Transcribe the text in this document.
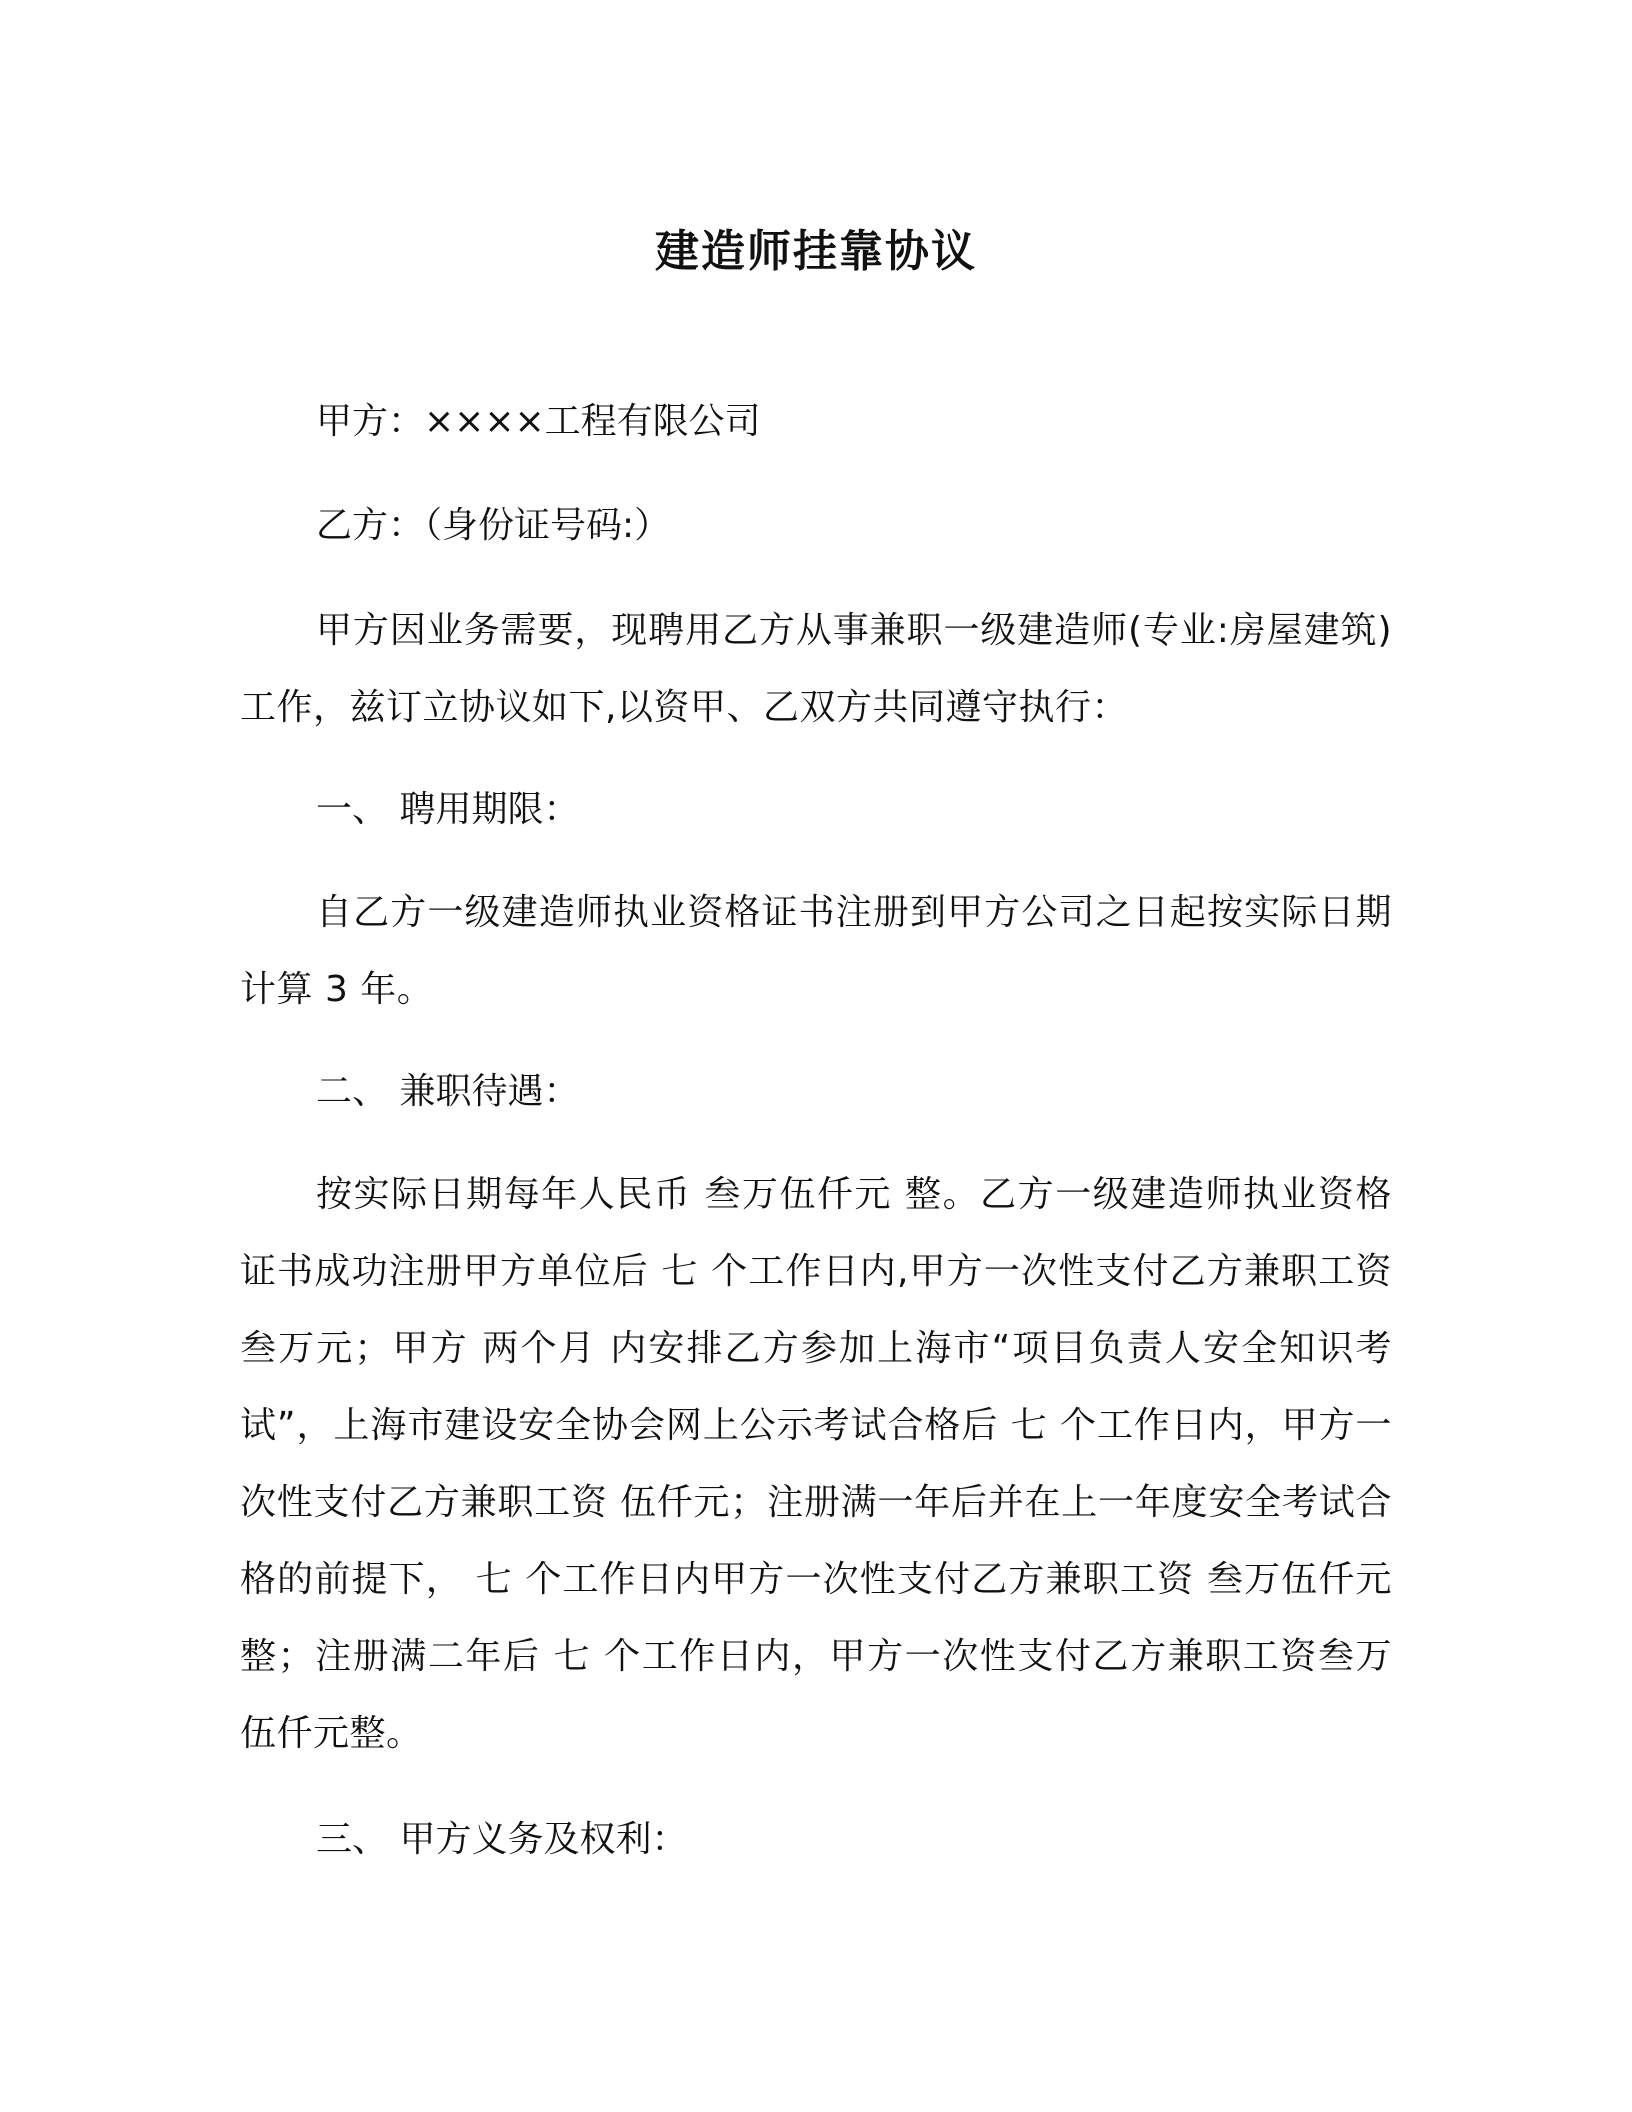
建造师挂靠协议
甲方：××××工程有限公司
乙方：（身份证号码:）
甲方因业务需要，现聘用乙方从事兼职一级建造师(专业:房屋建筑)工作，兹订立协议如下,以资甲、乙双方共同遵守执行：
一、 聘用期限：
自乙方一级建造师执业资格证书注册到甲方公司之日起按实际日期计算 3 年。
二、 兼职待遇：
按实际日期每年人民币 叁万伍仟元 整。乙方一级建造师执业资格证书成功注册甲方单位后 七 个工作日内,甲方一次性支付乙方兼职工资 叁万元；甲方 两个月 内安排乙方参加上海市“项目负责人安全知识考试”，上海市建设安全协会网上公示考试合格后 七 个工作日内，甲方一次性支付乙方兼职工资 伍仟元；注册满一年后并在上一年度安全考试合格的前提下， 七 个工作日内甲方一次性支付乙方兼职工资 叁万伍仟元 整；注册满二年后 七 个工作日内，甲方一次性支付乙方兼职工资叁万伍仟元整。
三、 甲方义务及权利：
